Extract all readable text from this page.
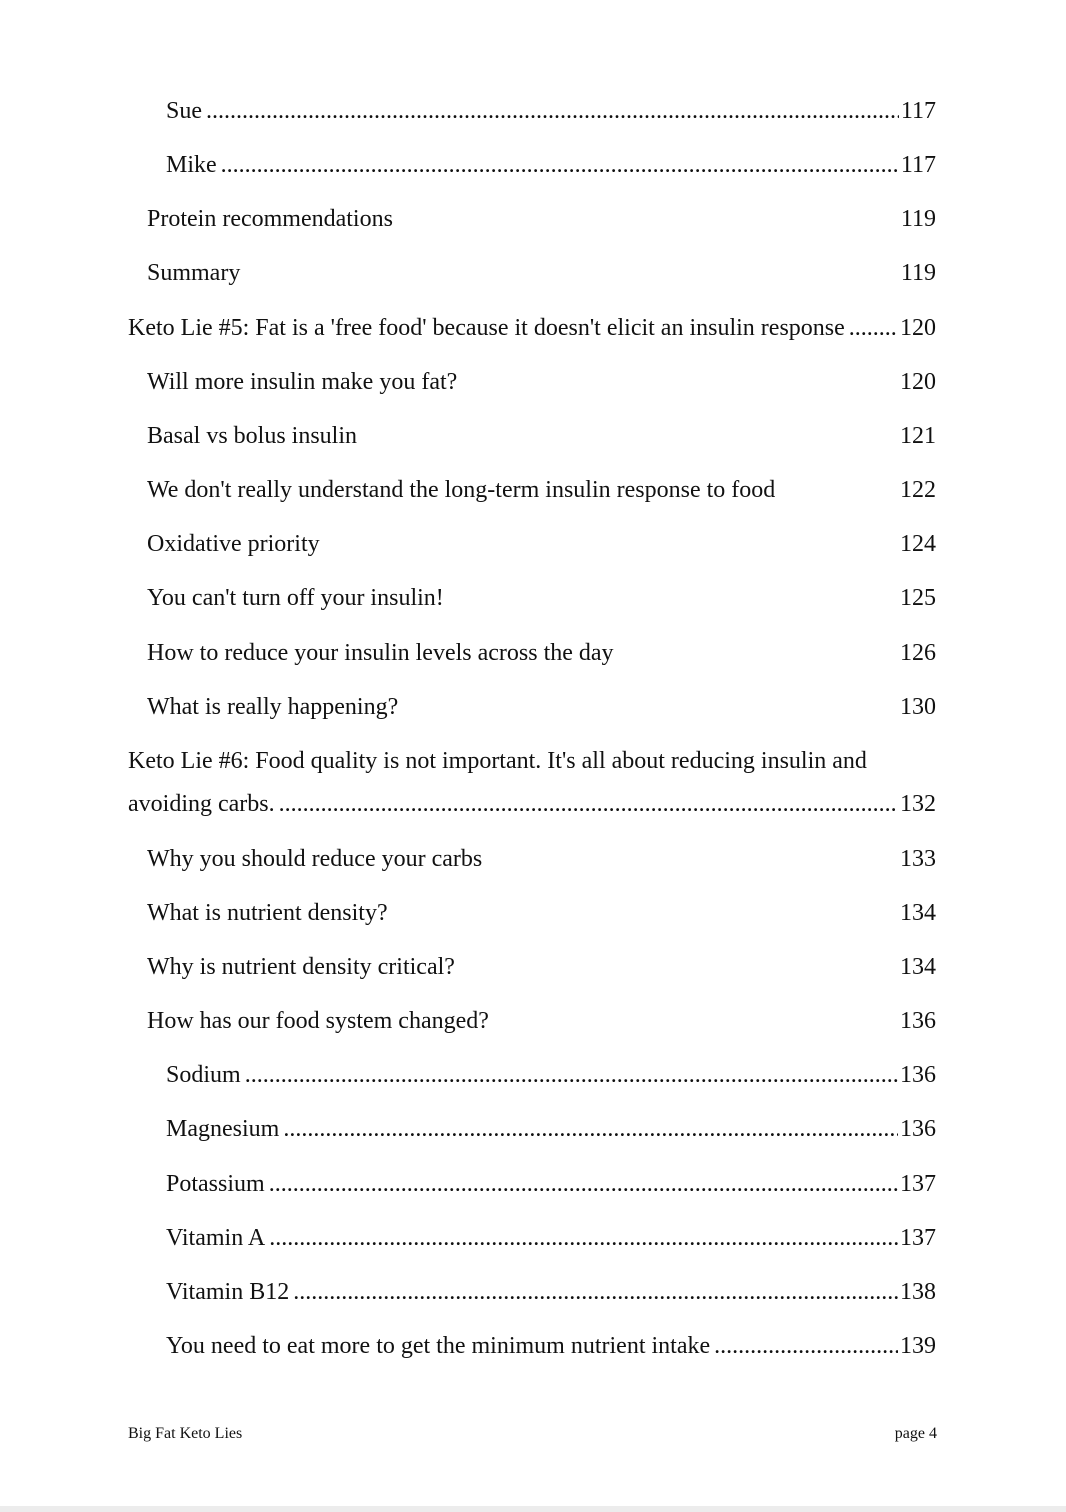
Sue .....	117
Mike .....	117
Protein recommendations	119
Summary	119
Keto Lie #5: Fat is a 'free food' because it doesn't elicit an insulin response ..... 120
Will more insulin make you fat?	120
Basal vs bolus insulin	121
We don't really understand the long-term insulin response to food	122
Oxidative priority	124
You can't turn off your insulin!	125
How to reduce your insulin levels across the day	126
What is really happening?	130
Keto Lie #6: Food quality is not important. It's all about reducing insulin and
avoiding carbs. .....	132
Why you should reduce your carbs	133
What is nutrient density?	134
Why is nutrient density critical?	134
How has our food system changed?	136
Sodium .....	136
Magnesium .....	136
Potassium .....	137
Vitamin A .....	137
Vitamin B12 .....	138
You need to eat more to get the minimum nutrient intake .....	139
Big Fat Keto Lies	page 4
